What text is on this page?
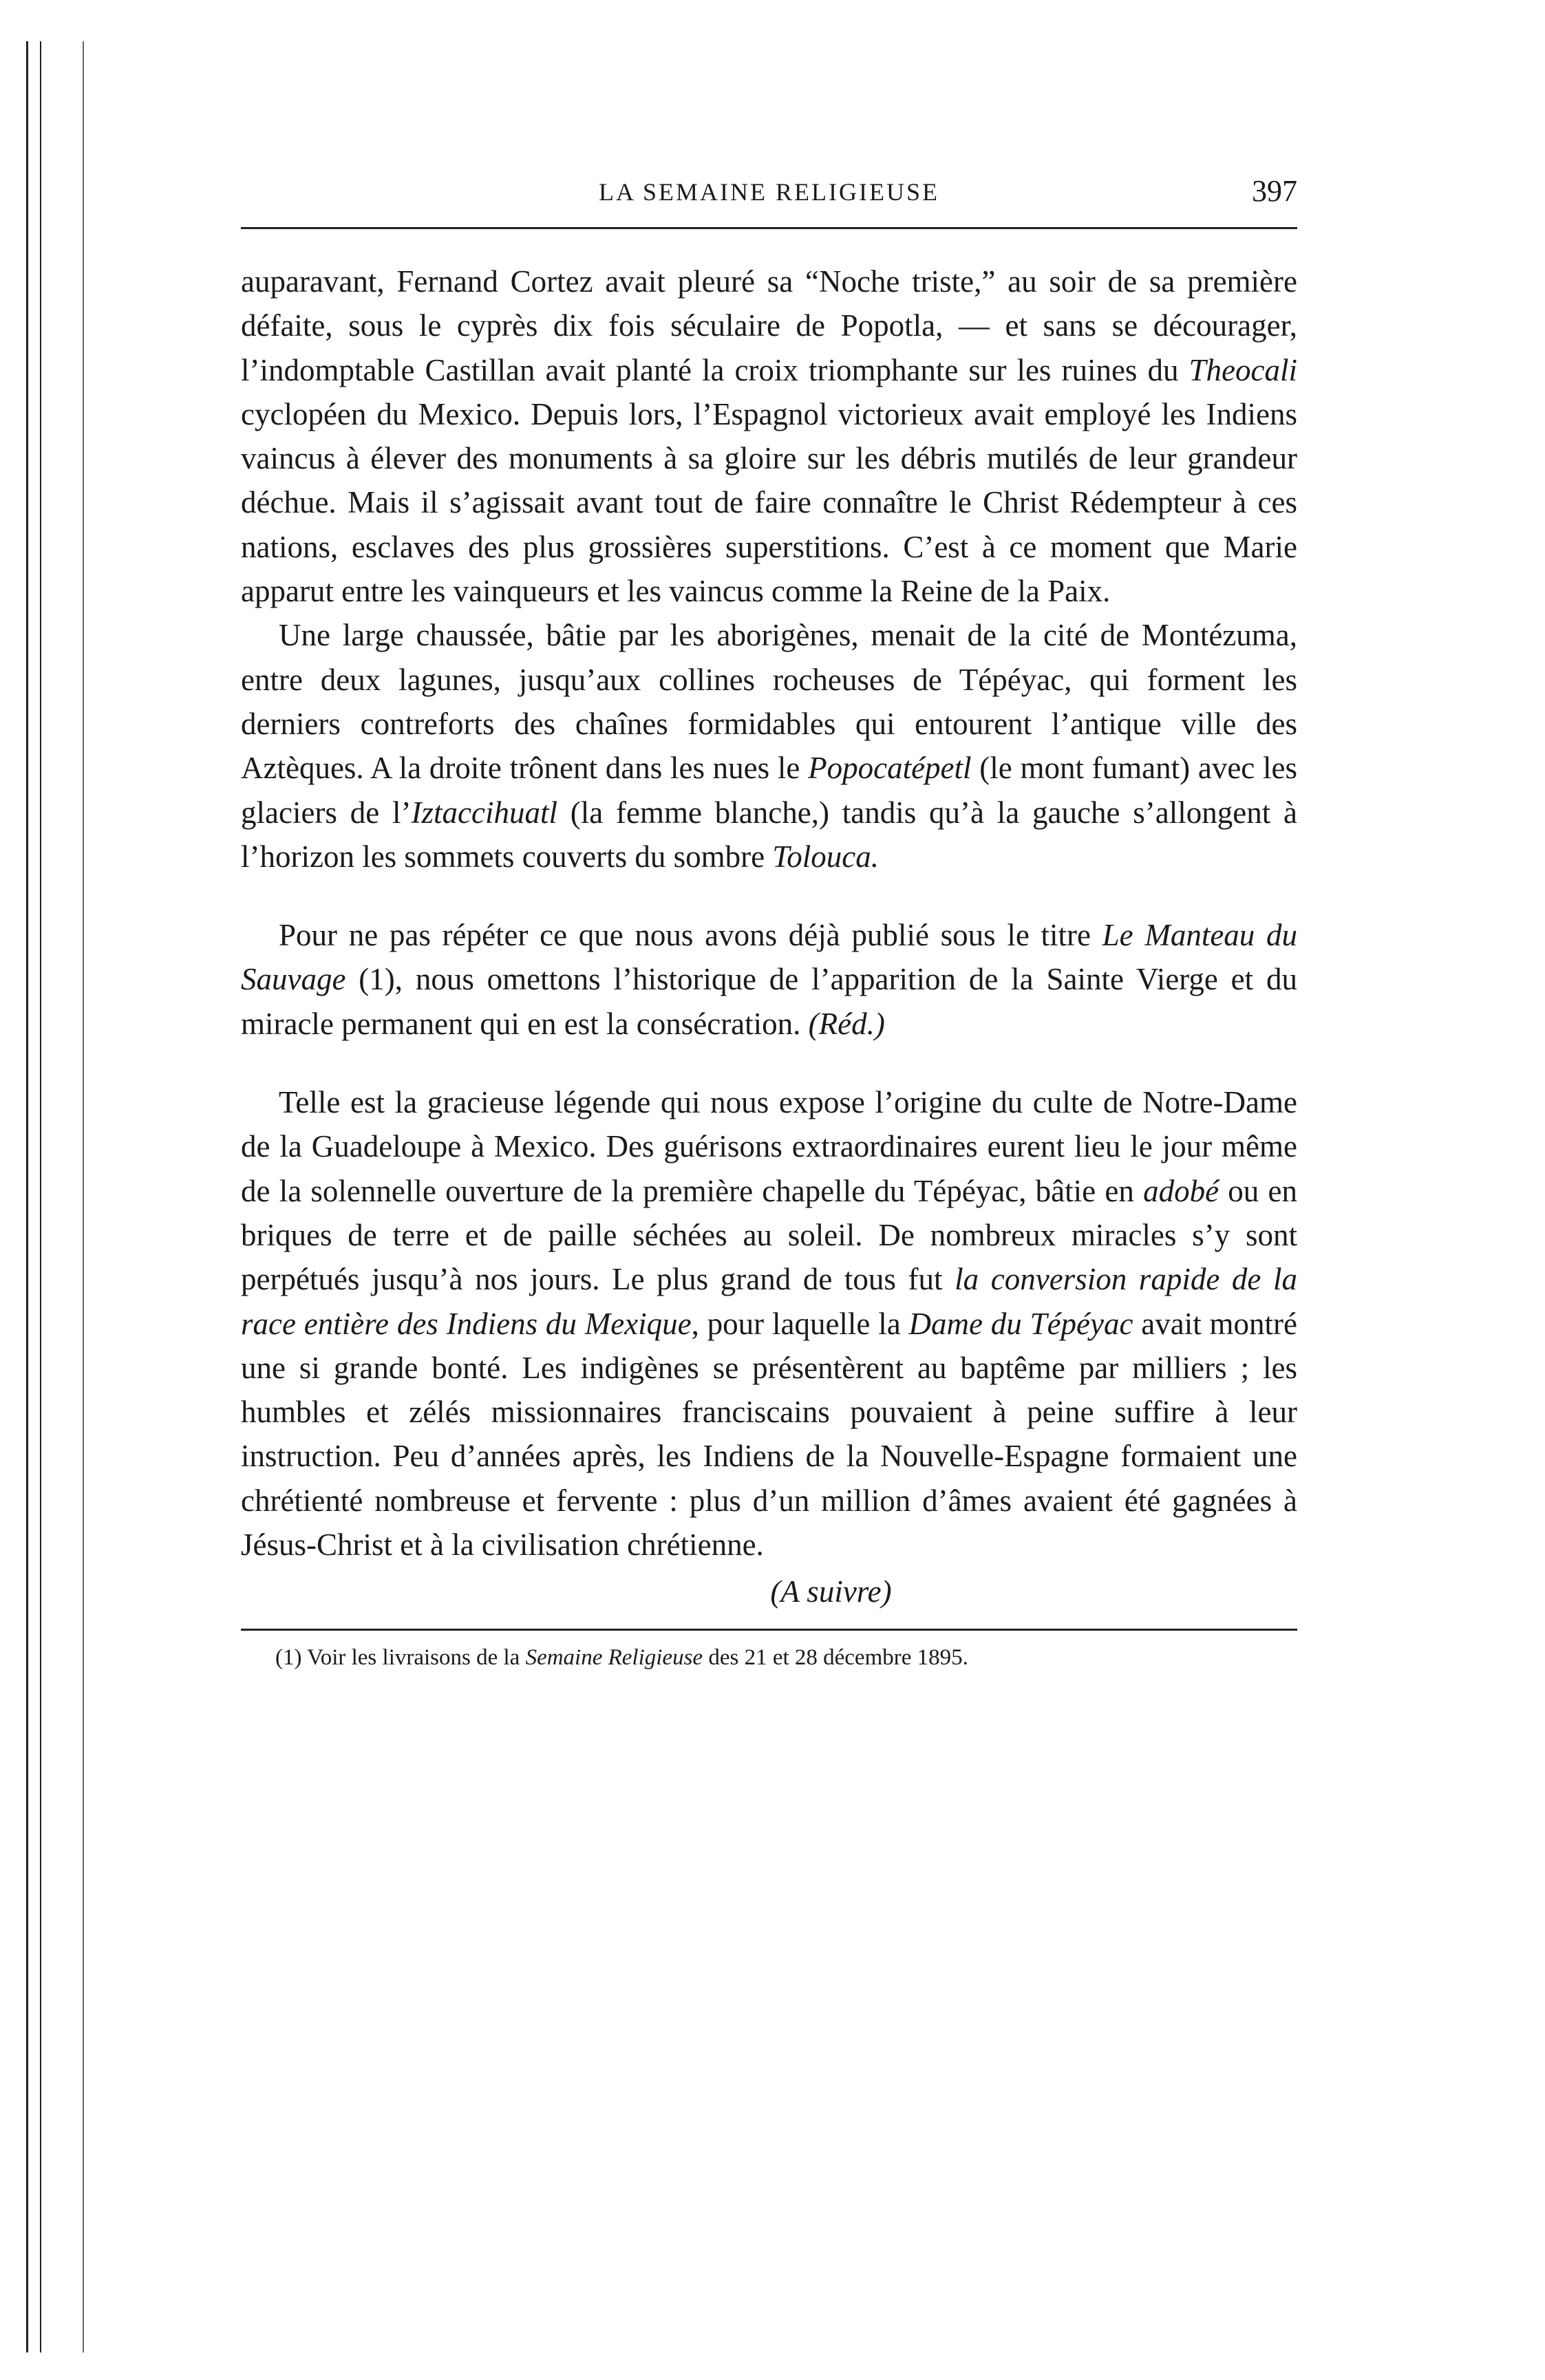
LA SEMAINE RELIGIEUSE	397

auparavant, Fernand Cortez avait pleuré sa “Noche triste,” au soir de sa première défaite, sous le cyprès dix fois séculaire de Popotla, — et sans se décourager, l’indomptable Castillan avait planté la croix triomphante sur les ruines du Theocali cyclopéen du Mexico. Depuis lors, l’Espagnol victorieux avait employé les Indiens vaincus à élever des monuments à sa gloire sur les débris mutilés de leur grandeur déchue. Mais il s’agissait avant tout de faire connaître le Christ Rédempteur à ces nations, esclaves des plus grossières superstitions. C’est à ce moment que Marie apparut entre les vainqueurs et les vaincus comme la Reine de la Paix.

Une large chaussée, bâtie par les aborigènes, menait de la cité de Montézuma, entre deux lagunes, jusqu’aux collines rocheuses de Tépéyac, qui forment les derniers contreforts des chaînes formidables qui entourent l’antique ville des Aztèques. A la droite trônent dans les nues le Popocatépetl (le mont fumant) avec les glaciers de l’Iztaccihuatl (la femme blanche,) tandis qu’à la gauche s’allongent à l’horizon les sommets couverts du sombre Tolouca.

Pour ne pas répéter ce que nous avons déjà publié sous le titre Le Manteau du Sauvage (1), nous omettons l’historique de l’apparition de la Sainte Vierge et du miracle permanent qui en est la consécration. (Réd.)

Telle est la gracieuse légende qui nous expose l’origine du culte de Notre-Dame de la Guadeloupe à Mexico. Des guérisons extraordinaires eurent lieu le jour même de la solennelle ouverture de la première chapelle du Tépéyac, bâtie en adobé ou en briques de terre et de paille séchées au soleil. De nombreux miracles s’y sont perpétués jusqu’à nos jours. Le plus grand de tous fut la conversion rapide de la race entière des Indiens du Mexique, pour laquelle la Dame du Tépéyac avait montré une si grande bonté. Les indigènes se présentèrent au baptême par milliers ; les humbles et zélés missionnaires franciscains pouvaient à peine suffire à leur instruction. Peu d’années après, les Indiens de la Nouvelle-Espagne formaient une chrétienté nombreuse et fervente : plus d’un million d’âmes avaient été gagnées à Jésus-Christ et à la civilisation chrétienne.

(A suivre)
(1) Voir les livraisons de la Semaine Religieuse des 21 et 28 décembre 1895.
